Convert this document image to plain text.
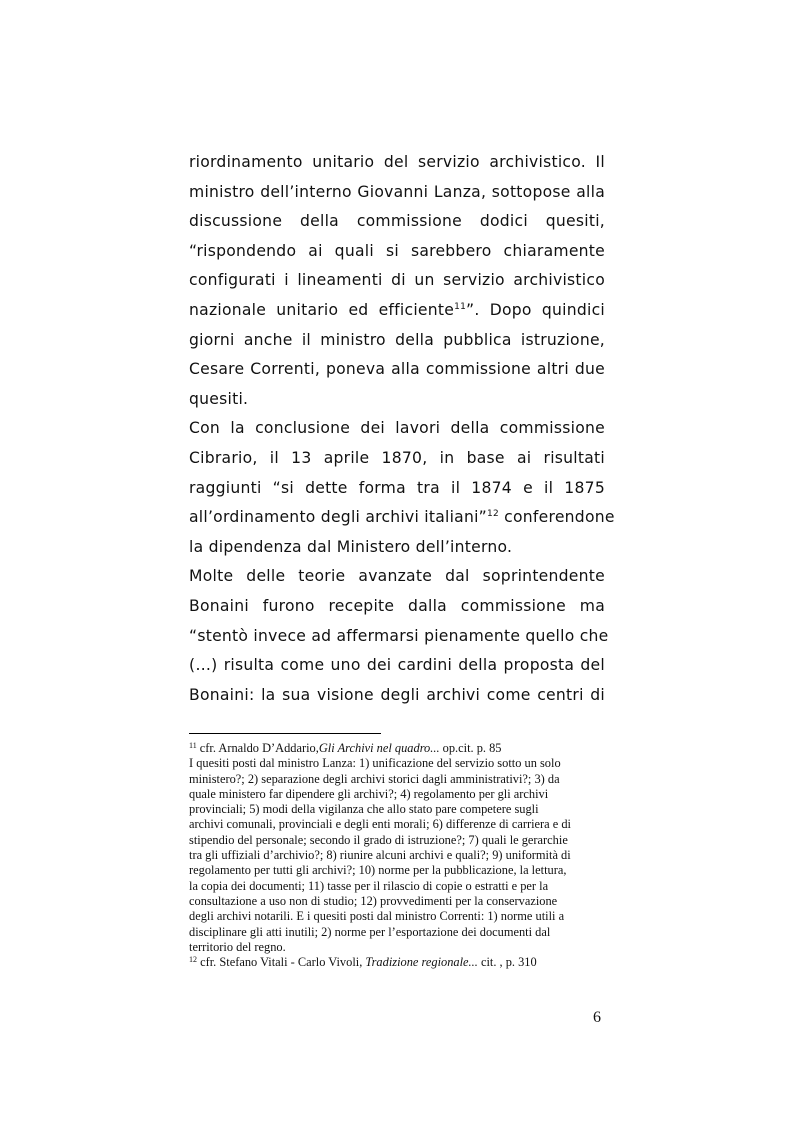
riordinamento unitario del servizio archivistico. Il
ministro dell’interno Giovanni Lanza, sottopose alla
discussione della commissione dodici quesiti,
“rispondendo ai quali si sarebbero chiaramente
configurati i lineamenti di un servizio archivistico
nazionale unitario ed efficiente$^{11}$”. Dopo quindici
giorni anche il ministro della pubblica istruzione,
Cesare Correnti, poneva alla commissione altri due
quesiti.
Con la conclusione dei lavori della commissione
Cibrario, il 13 aprile 1870, in base ai risultati
raggiunti “si dette forma tra il 1874 e il 1875
all’ordinamento degli archivi italiani”$^{12}$ conferendone
la dipendenza dal Ministero dell’interno.
Molte delle teorie avanzate dal soprintendente
Bonaini furono recepite dalla commissione ma
“stentò invece ad affermarsi pienamente quello che
(…) risulta come uno dei cardini della proposta del
Bonaini: la sua visione degli archivi come centri di
$^{11}$ cfr. Arnaldo D’Addario,Gli Archivi nel quadro... op.cit. p. 85
I quesiti posti dal ministro Lanza: 1) unificazione del servizio sotto un solo
ministero?; 2) separazione degli archivi storici dagli amministrativi?; 3) da
quale ministero far dipendere gli archivi?; 4) regolamento per gli archivi
provinciali; 5) modi della vigilanza che allo stato pare competere sugli
archivi comunali, provinciali e degli enti morali; 6) differenze di carriera e di
stipendio del personale; secondo il grado di istruzione?; 7) quali le gerarchie
tra gli uffiziali d’archivio?; 8) riunire alcuni archivi e quali?; 9) uniformità di
regolamento per tutti gli archivi?; 10) norme per la pubblicazione, la lettura,
la copia dei documenti; 11) tasse per il rilascio di copie o estratti e per la
consultazione a uso non di studio; 12) provvedimenti per la conservazione
degli archivi notarili. E i quesiti posti dal ministro Correnti: 1) norme utili a
disciplinare gli atti inutili; 2) norme per l’esportazione dei documenti dal
territorio del regno.
$^{12}$ cfr. Stefano Vitali - Carlo Vivoli, Tradizione regionale... cit. , p. 310
6
